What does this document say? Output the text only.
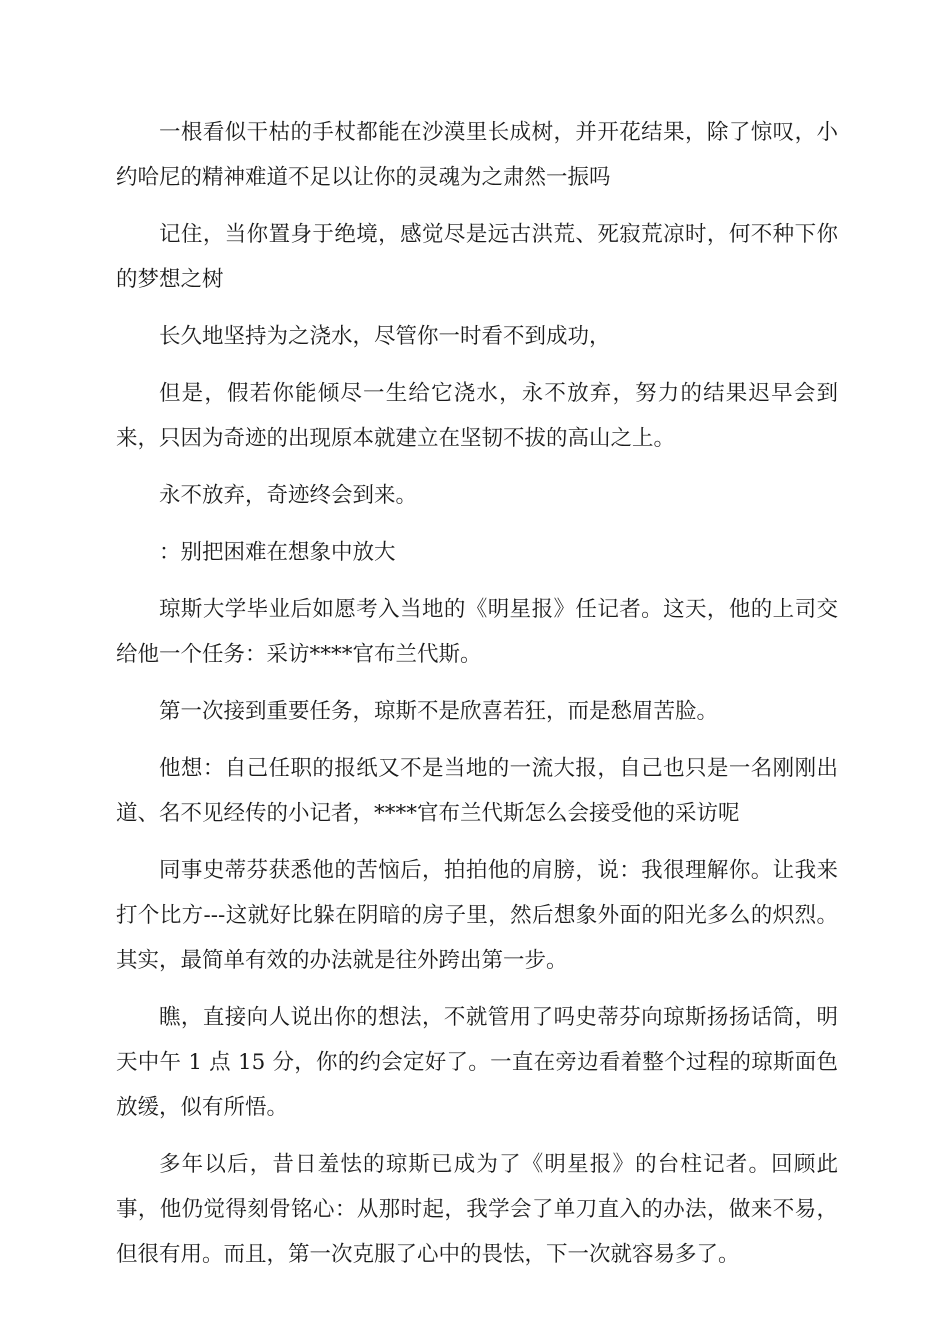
一根看似干枯的手杖都能在沙漠里长成树，并开花结果，除了惊叹，小约哈尼的精神难道不足以让你的灵魂为之肃然一振吗

记住，当你置身于绝境，感觉尽是远古洪荒、死寂荒凉时，何不种下你的梦想之树

长久地坚持为之浇水，尽管你一时看不到成功，

但是，假若你能倾尽一生给它浇水，永不放弃，努力的结果迟早会到来，只因为奇迹的出现原本就建立在坚韧不拔的高山之上。

永不放弃，奇迹终会到来。

：别把困难在想象中放大

琼斯大学毕业后如愿考入当地的《明星报》任记者。这天，他的上司交给他一个任务：采访****官布兰代斯。

第一次接到重要任务，琼斯不是欣喜若狂，而是愁眉苦脸。

他想：自己任职的报纸又不是当地的一流大报，自己也只是一名刚刚出道、名不见经传的小记者，****官布兰代斯怎么会接受他的采访呢

同事史蒂芬获悉他的苦恼后，拍拍他的肩膀，说：我很理解你。让我来打个比方---这就好比躲在阴暗的房子里，然后想象外面的阳光多么的炽烈。其实，最简单有效的办法就是往外跨出第一步。

瞧，直接向人说出你的想法，不就管用了吗史蒂芬向琼斯扬扬话筒，明天中午 1 点 15 分，你的约会定好了。一直在旁边看着整个过程的琼斯面色放缓，似有所悟。

多年以后，昔日羞怯的琼斯已成为了《明星报》的台柱记者。回顾此事，他仍觉得刻骨铭心：从那时起，我学会了单刀直入的办法，做来不易，但很有用。而且，第一次克服了心中的畏怯，下一次就容易多了。
